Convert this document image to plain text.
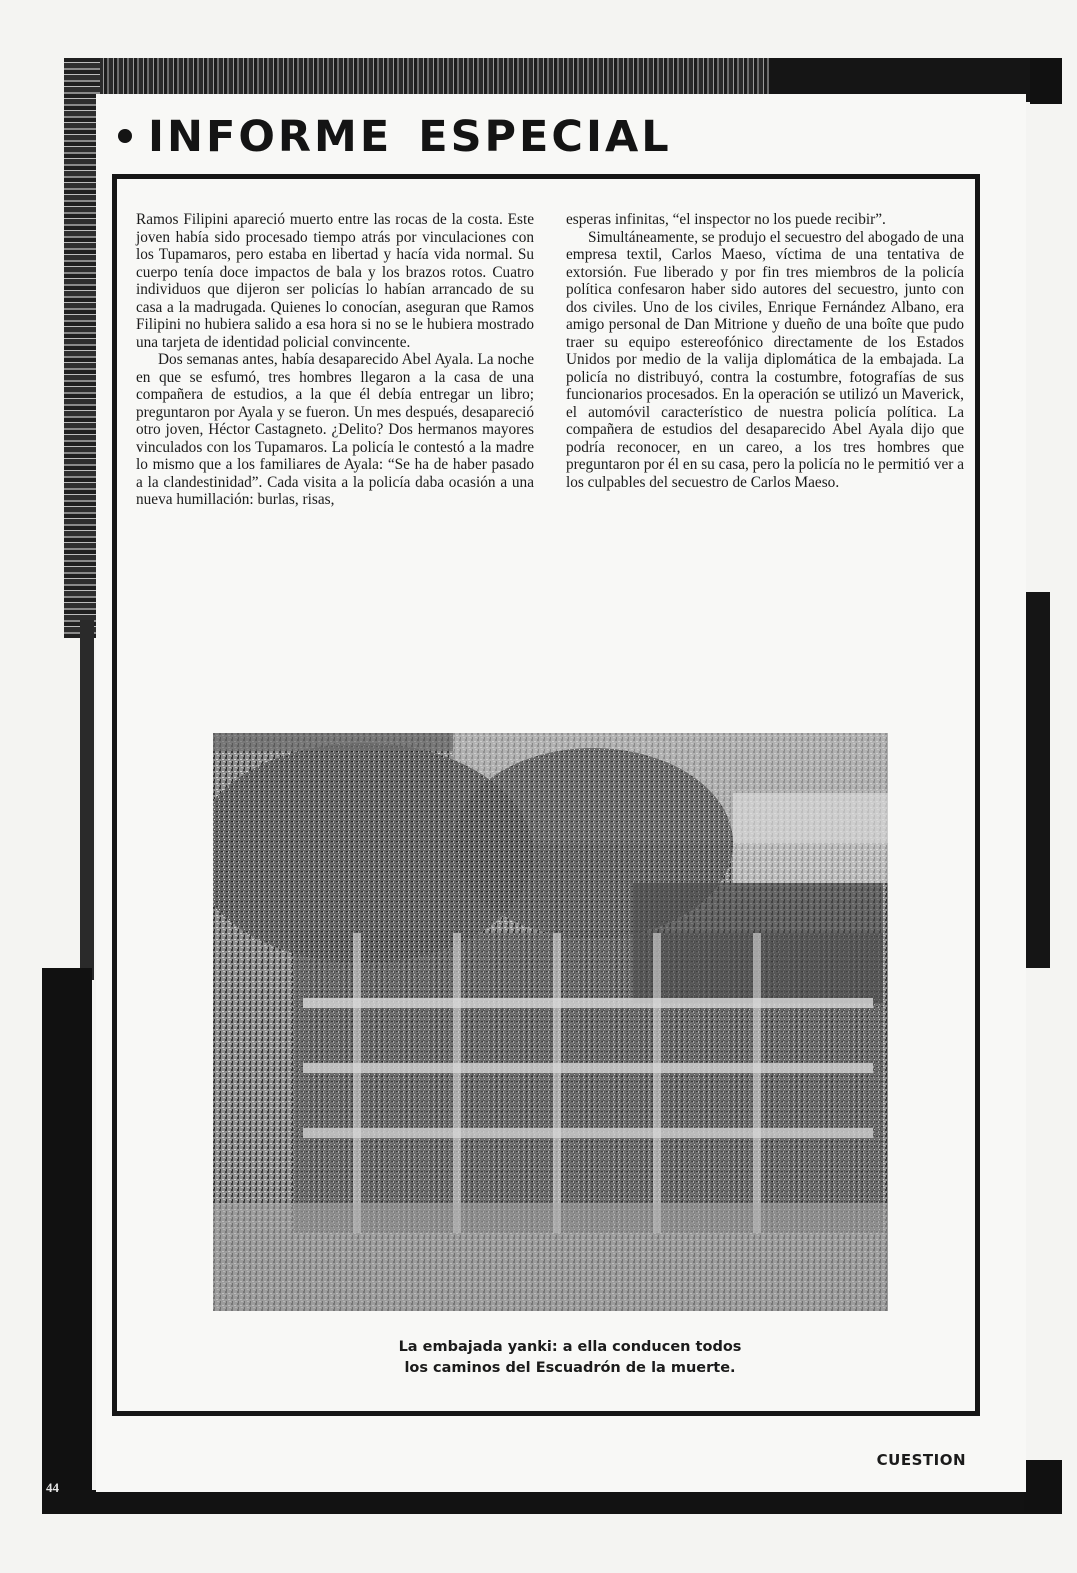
INFORME ESPECIAL

Ramos Filipini apareció muerto entre las rocas de la costa. Este joven había sido procesado tiempo atrás por vinculaciones con los Tupamaros, pero estaba en libertad y hacía vida normal. Su cuerpo tenía doce impactos de bala y los brazos rotos. Cuatro individuos que dijeron ser policías lo habían arrancado de su casa a la madrugada. Quienes lo conocían, aseguran que Ramos Filipini no hubiera salido a esa hora si no se le hubiera mostrado una tarjeta de identidad policial convincente.

Dos semanas antes, había desaparecido Abel Ayala. La noche en que se esfumó, tres hombres llegaron a la casa de una compañera de estudios, a la que él debía entregar un libro; preguntaron por Ayala y se fueron. Un mes después, desapareció otro joven, Héctor Castagneto. ¿Delito? Dos hermanos mayores vinculados con los Tupamaros. La policía le contestó a la madre lo mismo que a los familiares de Ayala: “Se ha de haber pasado a la clandestinidad”. Cada visita a la policía daba ocasión a una nueva humillación: burlas, risas,

esperas infinitas, “el inspector no los puede recibir”.

Simultáneamente, se produjo el secuestro del abogado de una empresa textil, Carlos Maeso, víctima de una tentativa de extorsión. Fue liberado y por fin tres miembros de la policía política confesaron haber sido autores del secuestro, junto con dos civiles. Uno de los civiles, Enrique Fernández Albano, era amigo personal de Dan Mitrione y dueño de una boîte que pudo traer su equipo estereofónico directamente de los Estados Unidos por medio de la valija diplomática de la embajada. La policía no distribuyó, contra la costumbre, fotografías de sus funcionarios procesados. En la operación se utilizó un Maverick, el automóvil característico de nuestra policía política. La compañera de estudios del desaparecido Abel Ayala dijo que podría reconocer, en un careo, a los tres hombres que preguntaron por él en su casa, pero la policía no le permitió ver a los culpables del secuestro de Carlos Maeso.

La embajada yanki: a ella conducen todos
los caminos del Escuadrón de la muerte.
CUESTION
44
